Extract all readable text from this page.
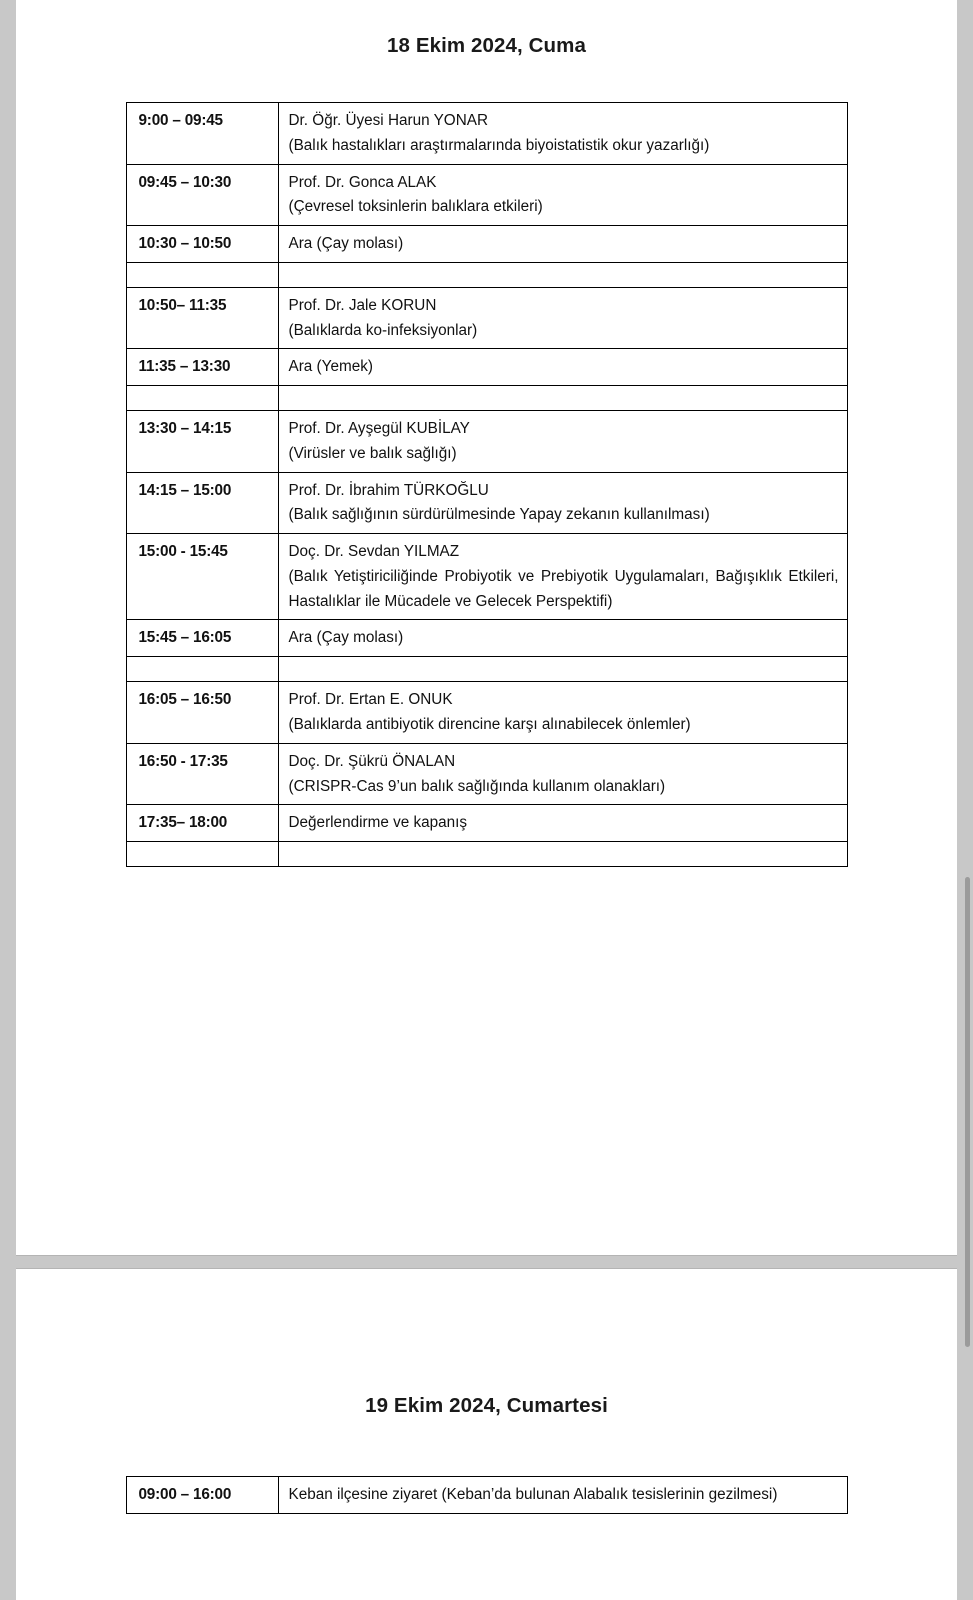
18 Ekim 2024, Cuma
9:00 – 09:45	Dr. Öğr. Üyesi Harun YONAR
(Balık hastalıkları araştırmalarında biyoistatistik okur yazarlığı)

09:45 – 10:30	Prof. Dr. Gonca ALAK
(Çevresel toksinlerin balıklara etkileri)

10:30 – 10:50	Ara (Çay molası)

10:50– 11:35	Prof. Dr. Jale KORUN
(Balıklarda ko-infeksiyonlar)

11:35 – 13:30	Ara (Yemek)

13:30 – 14:15	Prof. Dr. Ayşegül KUBİLAY
(Virüsler ve balık sağlığı)

14:15 – 15:00	Prof. Dr. İbrahim TÜRKOĞLU
(Balık sağlığının sürdürülmesinde Yapay zekanın kullanılması)

15:00 - 15:45	Doç. Dr. Sevdan YILMAZ
(Balık Yetiştiriciliğinde Probiyotik ve Prebiyotik Uygulamaları, Bağışıklık Etkileri, Hastalıklar ile Mücadele ve Gelecek Perspektifi)

15:45 – 16:05	Ara (Çay molası)

16:05 – 16:50	Prof. Dr. Ertan E. ONUK
(Balıklarda antibiyotik direncine karşı alınabilecek önlemler)

16:50 - 17:35	Doç. Dr. Şükrü ÖNALAN
(CRISPR-Cas 9’un balık sağlığında kullanım olanakları)

17:35– 18:00	Değerlendirme ve kapanış

19 Ekim 2024, Cumartesi
09:00 – 16:00	Keban ilçesine ziyaret (Keban’da bulunan Alabalık tesislerinin gezilmesi)
